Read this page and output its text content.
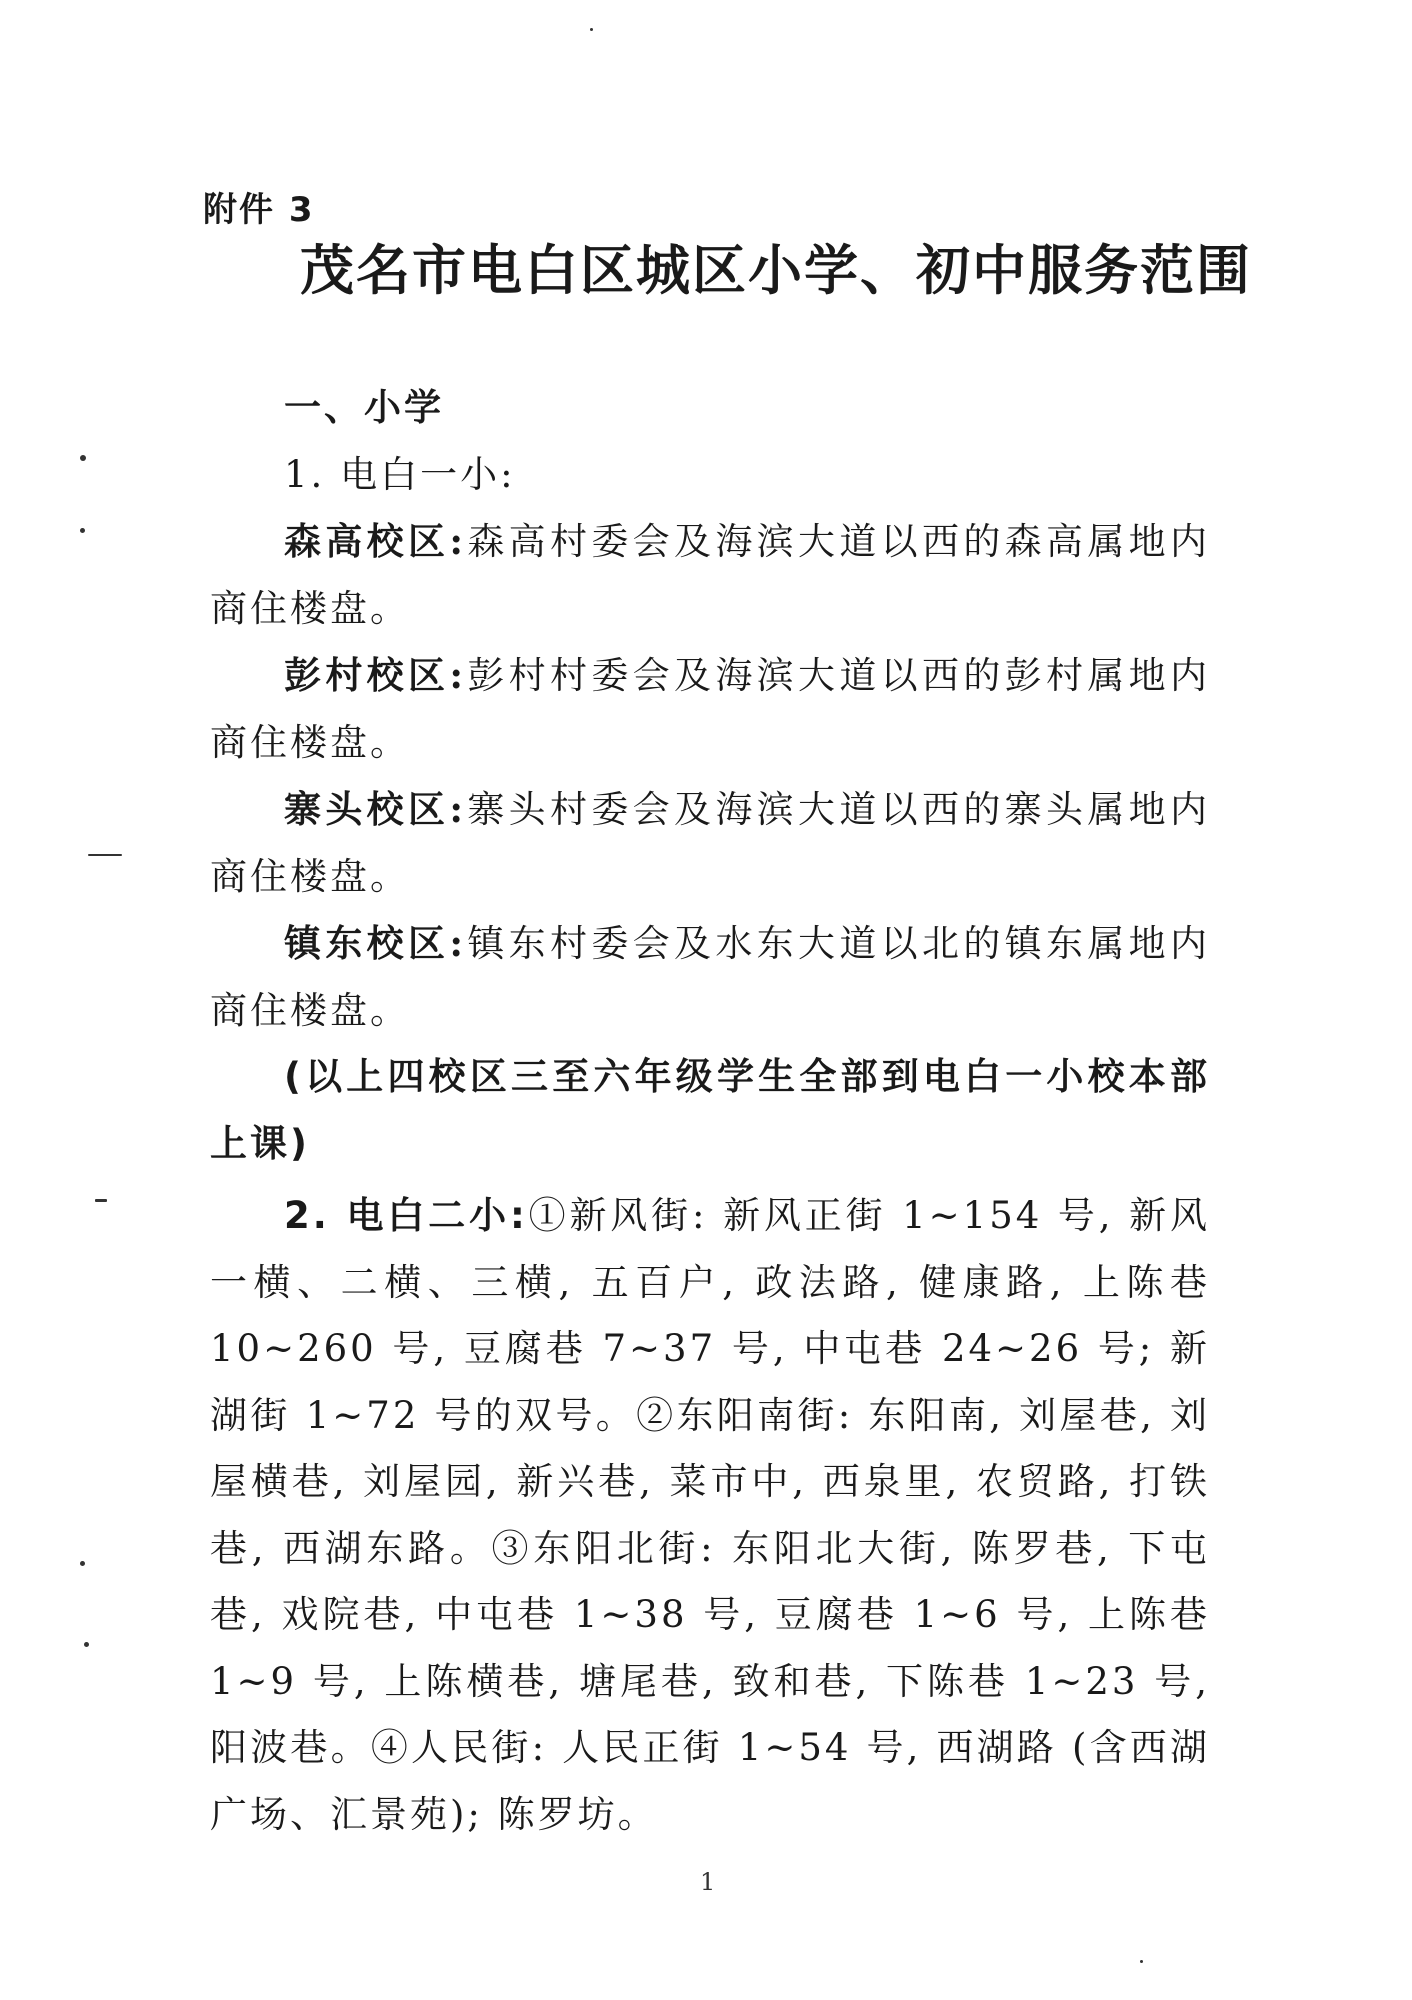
附件 3
茂名市电白区城区小学、初中服务范围

一、小学

1. 电白一小:

森高校区:森高村委会及海滨大道以西的森高属地内商住楼盘。

彭村校区:彭村村委会及海滨大道以西的彭村属地内商住楼盘。

寨头校区:寨头村委会及海滨大道以西的寨头属地内商住楼盘。

镇东校区:镇东村委会及水东大道以北的镇东属地内商住楼盘。

(以上四校区三至六年级学生全部到电白一小校本部上课)

2. 电白二小:①新风街: 新风正街 1~154 号, 新风一横、二横、三横, 五百户, 政法路, 健康路, 上陈巷 10~260 号, 豆腐巷 7~37 号, 中屯巷 24~26 号; 新湖街 1~72 号的双号。②东阳南街: 东阳南, 刘屋巷, 刘屋横巷, 刘屋园, 新兴巷, 菜市中, 西泉里, 农贸路, 打铁巷, 西湖东路。③东阳北街: 东阳北大街, 陈罗巷, 下屯巷, 戏院巷, 中屯巷 1~38 号, 豆腐巷 1~6 号, 上陈巷 1~9 号, 上陈横巷, 塘尾巷, 致和巷, 下陈巷 1~23 号, 阳波巷。④人民街: 人民正街 1~54 号, 西湖路 (含西湖广场、汇景苑); 陈罗坊。

1
